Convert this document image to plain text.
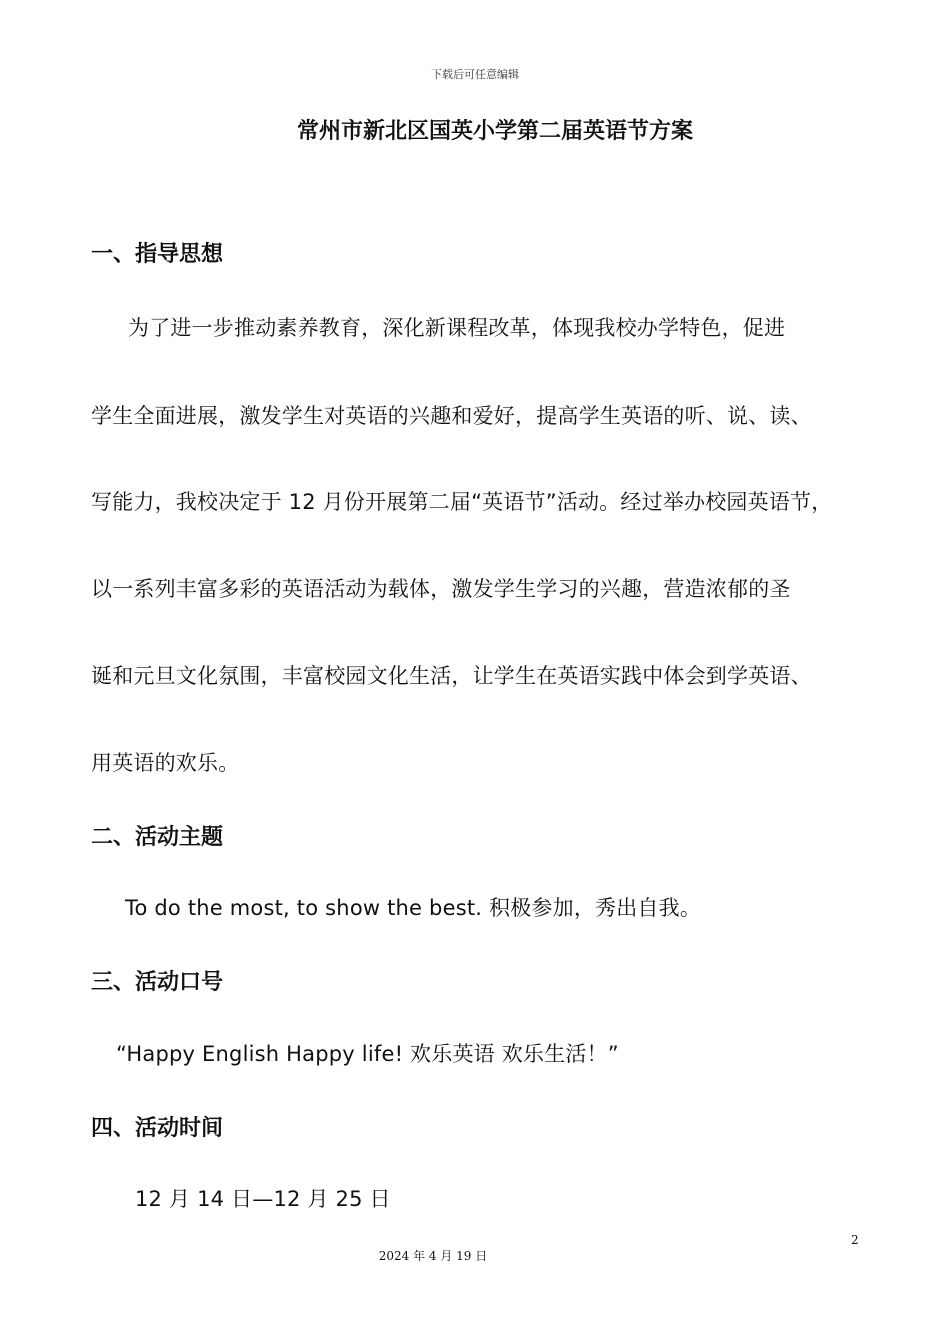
下载后可任意编辑
常州市新北区国英小学第二届英语节方案
一、指导思想
为了进一步推动素养教育，深化新课程改革，体现我校办学特色，促进
学生全面进展，激发学生对英语的兴趣和爱好，提高学生英语的听、说、读、
写能力，我校决定于 12 月份开展第二届“英语节”活动。经过举办校园英语节，
以一系列丰富多彩的英语活动为载体，激发学生学习的兴趣，营造浓郁的圣
诞和元旦文化氛围，丰富校园文化生活，让学生在英语实践中体会到学英语、
用英语的欢乐。
二、活动主题
To do the most, to show the best. 积极参加，秀出自我。
三、活动口号
“Happy English Happy life! 欢乐英语 欢乐生活！”
四、活动时间
12 月 14 日—12 月 25 日
2
2024 年 4 月 19 日
